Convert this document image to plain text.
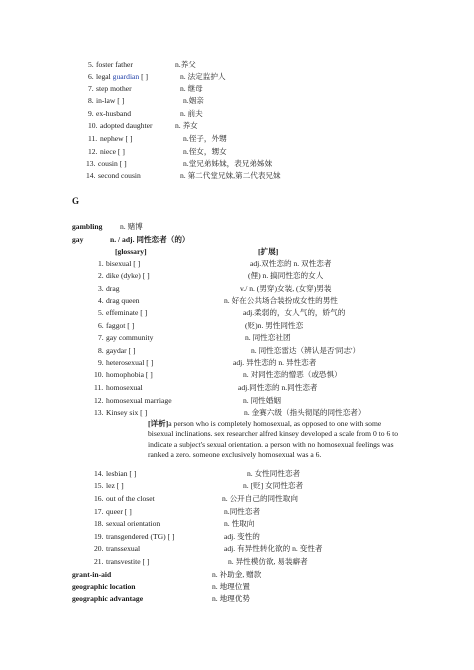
5. foster father	n.养父
6. legal guardian [ ]	n. 法定监护人
7. step mother	n. 继母
8. in-law [ ]	n.姻亲
9. ex-husband	n. 前夫
10. adopted daughter	n. 养女
11. nephew [ ]	n.侄子，外甥
12. niece [ ]	n.侄女，甥女
13. cousin [ ]	n.堂兄弟姊妹，表兄弟姊妹
14. second cousin	n. 第二代堂兄妹,第二代表兄妹
G
gambling n. 赌博
gay	n. / adj. 同性恋者（的）
[glossary]	[扩展]
1. bisexual [ ]	adj.双性恋的 n. 双性恋者
2. dike (dyke) [ ]	(俚) n. 搞同性恋的女人
3. drag	v./ n. (男穿)女装, (女穿)男装
4. drag queen	n. 好在公共场合装扮成女性的男性
5. effeminate [ ]	adj.柔弱的，女人气的，娇气的
6. faggot [ ]	(贬)n. 男性同性恋
7. gay community	n. 同性恋社团
8. gaydar [ ]	n. 同性恋雷达（辨认是否'同志'）
9. heterosexual [ ]	adj. 异性恋的 n. 异性恋者
10. homophobia [ ]	n. 对同性恋的憎恶（或恐惧）
11. homosexual	adj.同性恋的 n.同性恋者
12. homosexual marriage	n. 同性婚姻
13. Kinsey six [ ]	n. 金赛六级（指头彻尾的同性恋者）
[详析]a person who is completely homosexual, as opposed to one with some
bisexual inclinations. sex researcher alfred kinsey developed a scale from 0 to 6 to
indicate a subject's sexual orientation. a person with no homosexual feelings was
ranked a zero. someone exclusively homosexual was a 6.
14. lesbian [ ]	n. 女性同性恋者
15. lez [ ]	n. [贬] 女同性恋者
16. out of the closet	n. 公开自己的同性取向
17. queer [ ]	n.同性恋者
18. sexual orientation	n. 性取向
19. transgendered (TG) [ ]	adj. 变性的
20. transsexual	adj. 有异性转化欲的 n. 变性者
21. transvestite [ ]	n. 异性模仿欲, 易装癖者
grant-in-aid	n. 补助金, 赠款
geographic location	n. 地理位置
geographic advantage	n. 地理优势
